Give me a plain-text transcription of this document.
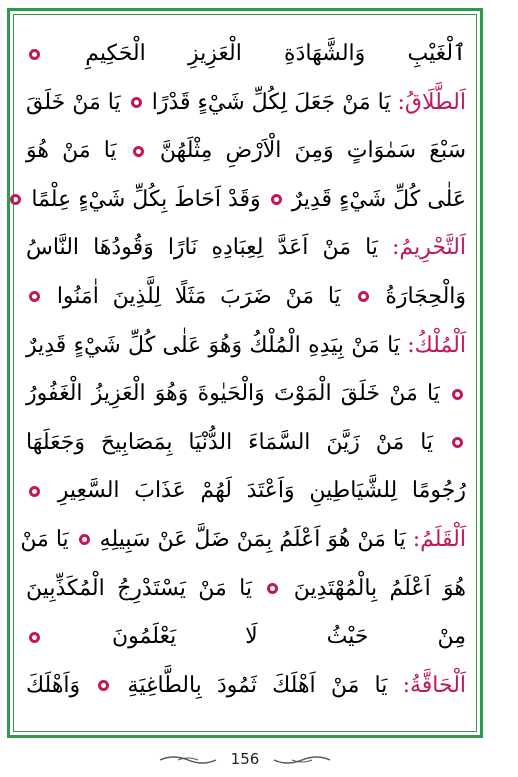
ٱلْغَيْبِ وَالشَّهَادَةِ الْعَزِيزِ الْحَكِيمِ
اَلطَّلَاقُ: يَا مَنْ جَعَلَ لِكُلِّ شَيْءٍ قَدْرًا  يَا مَنْ خَلَقَ
سَبْعَ سَمٰوَاتٍ وَمِنَ الْاَرْضِ مِثْلَهُنَّ  يَا مَنْ هُوَ
عَلٰى كُلِّ شَيْءٍ قَدِيرٌ  وَقَدْ اَحَاطَ بِكُلِّ شَيْءٍ عِلْمًا
اَلتَّحْرِيمُ: يَا مَنْ اَعَدَّ لِعِبَادِهِ نَارًا وَقُودُهَا النَّاسُ
وَالْحِجَارَةُ  يَا مَنْ ضَرَبَ مَثَلًا لِلَّذِينَ اٰمَنُوا
اَلْمُلْكُ: يَا مَنْ بِيَدِهِ الْمُلْكُ وَهُوَ عَلٰى كُلِّ شَيْءٍ قَدِيرٌ
يَا مَنْ خَلَقَ الْمَوْتَ وَالْحَيٰوةَ وَهُوَ الْعَزِيزُ الْغَفُورُ
يَا مَنْ زَيَّنَ السَّمَاءَ الدُّنْيَا بِمَصَابِيحَ وَجَعَلَهَا
رُجُومًا لِلشَّيَاطِينِ وَاَعْتَدَ لَهُمْ عَذَابَ السَّعِيرِ
اَلْقَلَمُ: يَا مَنْ هُوَ اَعْلَمُ بِمَنْ ضَلَّ عَنْ سَبِيلِهِ  يَا مَنْ
هُوَ اَعْلَمُ بِالْمُهْتَدِينَ  يَا مَنْ يَسْتَدْرِجُ الْمُكَذِّبِينَ
مِنْ حَيْثُ لَا يَعْلَمُونَ
اَلْحَاقَّةُ: يَا مَنْ اَهْلَكَ ثَمُودَ بِالطَّاغِيَةِ  وَاَهْلَكَ
156
